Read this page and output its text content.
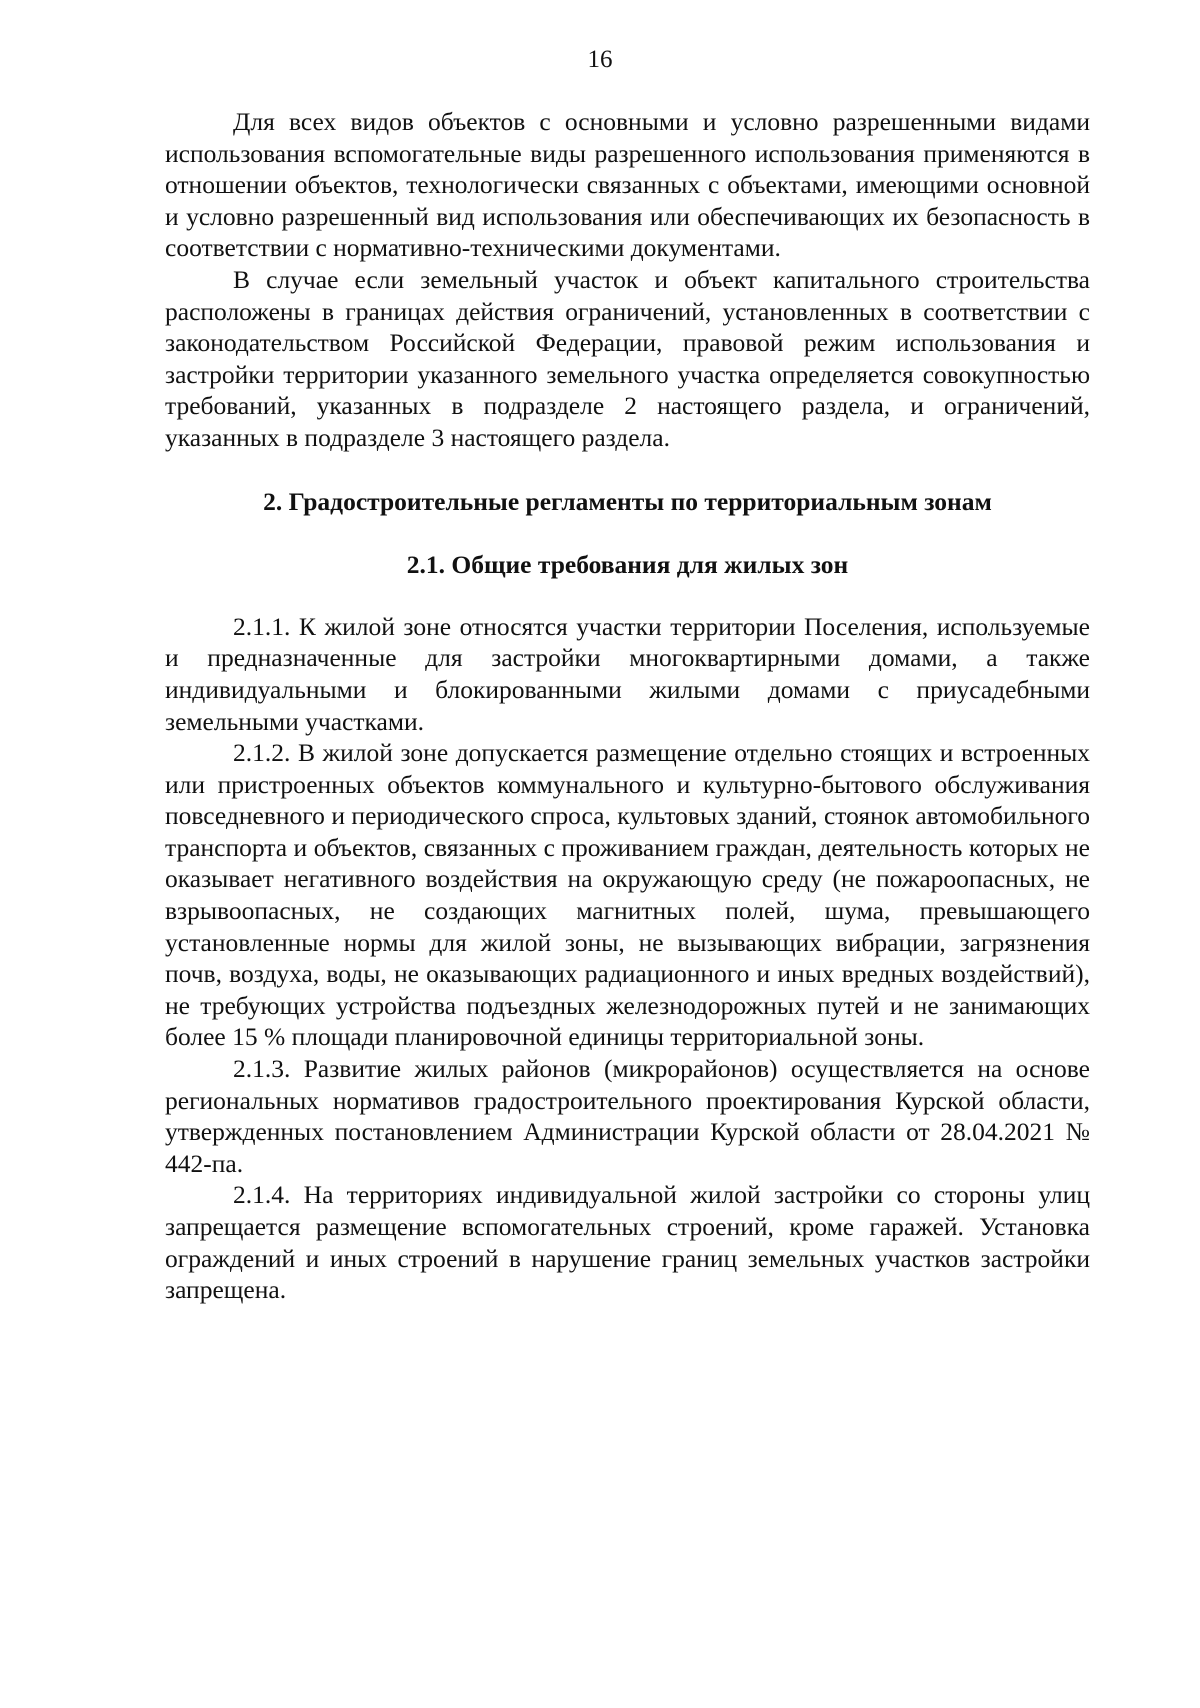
16

Для всех видов объектов с основными и условно разрешенными видами использования вспомогательные виды разрешенного использования применяются в отношении объектов, технологически связанных с объектами, имеющими основной и условно разрешенный вид использования или обеспечивающих их безопасность в соответствии с нормативно-техническими документами.

В случае если земельный участок и объект капитального строительства расположены в границах действия ограничений, установленных в соответствии с законодательством Российской Федерации, правовой режим использования и застройки территории указанного земельного участка определяется совокупностью требований, указанных в подразделе 2 настоящего раздела, и ограничений, указанных в подразделе 3 настоящего раздела.

2. Градостроительные регламенты по территориальным зонам
2.1. Общие требования для жилых зон

2.1.1. К жилой зоне относятся участки территории Поселения, используемые и предназначенные для застройки многоквартирными домами, а также индивидуальными и блокированными жилыми домами с приусадебными земельными участками.

2.1.2. В жилой зоне допускается размещение отдельно стоящих и встроенных или пристроенных объектов коммунального и культурно-бытового обслуживания повседневного и периодического спроса, культовых зданий, стоянок автомобильного транспорта и объектов, связанных с проживанием граждан, деятельность которых не оказывает негативного воздействия на окружающую среду (не пожароопасных, не взрывоопасных, не создающих магнитных полей, шума, превышающего установленные нормы для жилой зоны, не вызывающих вибрации, загрязнения почв, воздуха, воды, не оказывающих радиационного и иных вредных воздействий), не требующих устройства подъездных железнодорожных путей и не занимающих более 15 % площади планировочной единицы территориальной зоны.

2.1.3. Развитие жилых районов (микрорайонов) осуществляется на основе региональных нормативов градостроительного проектирования Курской области, утвержденных постановлением Администрации Курской области от 28.04.2021 № 442-па.

2.1.4. На территориях индивидуальной жилой застройки со стороны улиц запрещается размещение вспомогательных строений, кроме гаражей. Установка ограждений и иных строений в нарушение границ земельных участков застройки запрещена.
